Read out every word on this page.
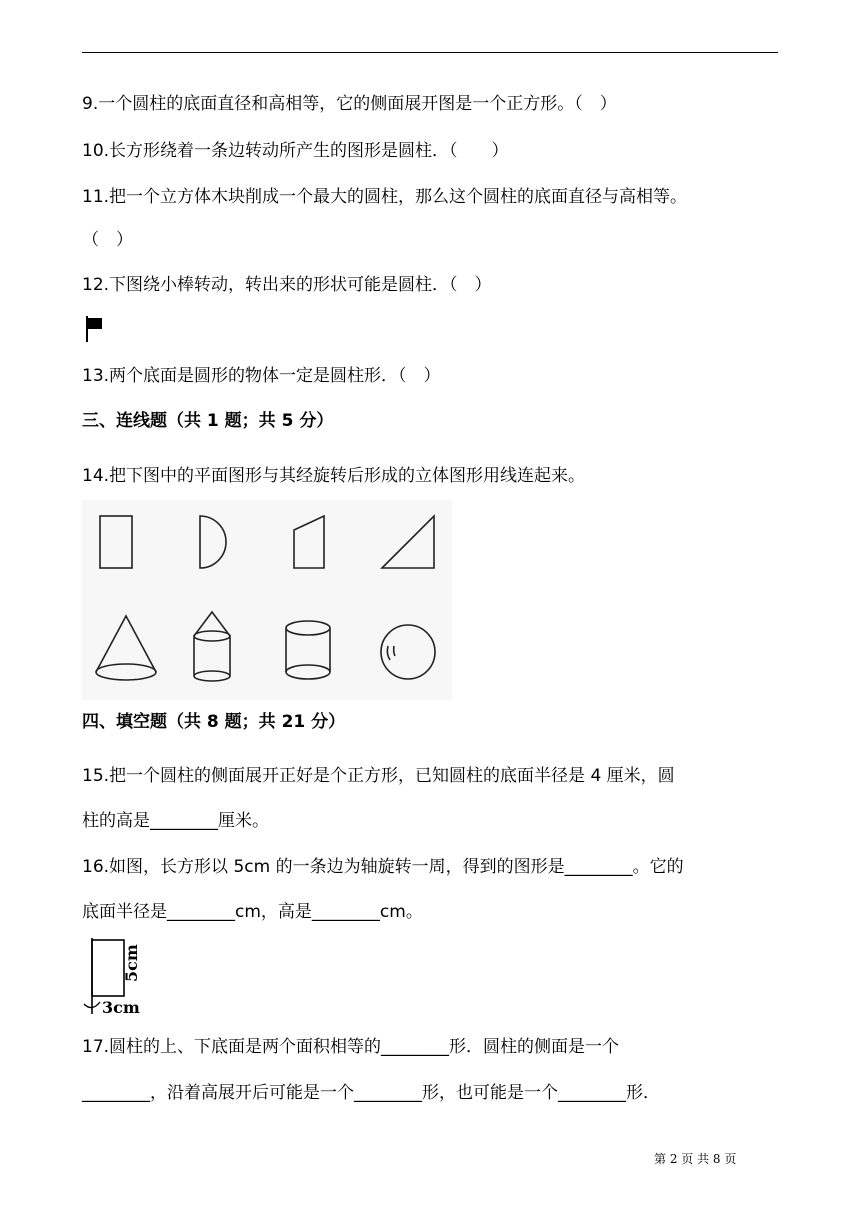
9.一个圆柱的底面直径和高相等，它的侧面展开图是一个正方形。（　）
10.长方形绕着一条边转动所产生的图形是圆柱．（　　）
11.把一个立方体木块削成一个最大的圆柱，那么这个圆柱的底面直径与高相等。
（　）
12.下图绕小棒转动，转出来的形状可能是圆柱．（　）
13.两个底面是圆形的物体一定是圆柱形．（　）
三、连线题（共 1 题；共 5 分）
14.把下图中的平面图形与其经旋转后形成的立体图形用线连起来。
四、填空题（共 8 题；共 21 分）
15.把一个圆柱的侧面展开正好是个正方形，已知圆柱的底面半径是 4 厘米，圆
柱的高是________厘米。
16.如图，长方形以 5cm 的一条边为轴旋转一周，得到的图形是________。它的
底面半径是________cm，高是________cm。
5cm
3cm
17.圆柱的上、下底面是两个面积相等的________形．圆柱的侧面是一个
________，沿着高展开后可能是一个________形，也可能是一个________形．
第 2 页 共 8 页
